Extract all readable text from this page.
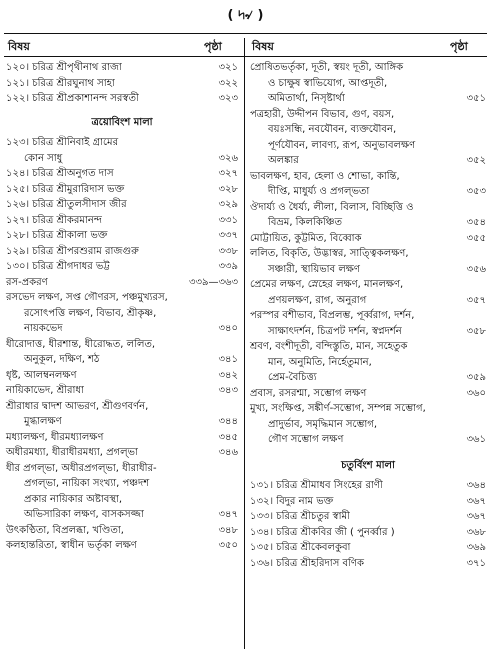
( ৸৵ )
বিষয়	পৃষ্ঠা	বিষয়	পৃষ্ঠা
১২০। চরিত্র শ্রীপৃথীনাথ রাজা	৩২১
১২১। চরিত্র শ্রীরঘুনাথ সাহা	৩২২
১২২। চরিত্র শ্রীপ্রকাশানন্দ সরস্বতী	৩২৩
ত্রয়োবিংশ মালা
১২৩। চরিত্র শ্রীনিবাই গ্রামের
কোন সাধু	৩২৬
১২৪। চরিত্র শ্রীঅনুগত দাস	৩২৭
১২৫। চরিত্র শ্রীমুরারিদাস ভক্ত	৩২৮
১২৬। চরিত্র শ্রীতুলসীদাস জীর	৩২৯
১২৭। চরিত্র শ্রীকরমানন্দ	৩৩১
১২৮। চরিত্র শ্রীকালা ভক্ত	৩৩৭
১২৯। চরিত্র শ্রীপরশুরাম রাজগুরু	৩৩৮
১৩০। চরিত্র শ্রীগদাধর ভট্ট	৩৩৯
রস-প্রকরণ	৩৩৯—৩৬৩
রসভেদ লক্ষণ, সপ্ত গৌণরস, পঞ্চমুখ্যরস,
রসোৎপত্তি লক্ষণ, বিভাব, শ্রীকৃষ্ণ,
নায়কভেদ	৩৪০
ধীরোদাত্ত, ধীরশান্ত, ধীরোদ্ধত, ললিত,
অনুকূল, দক্ষিণ, শঠ	৩৪১
ধৃষ্ট, আলম্বনলক্ষণ	৩৪২
নায়িকাভেদ, শ্রীরাধা	৩৪৩
শ্রীরাধার দ্বাদশ আভরণ, শ্রীগুণবর্ণন,
মুগ্ধালক্ষণ	৩৪৪
মধ্যালক্ষণ, ধীরমধ্যালক্ষণ	৩৪৫
অধীরমধ্যা, ধীরাধীরমধ্যা, প্রগল্‌ভা	৩৪৬
ধীর প্রগল্‌ভা, অধীরপ্রগল্‌ভা, ধীরাধীর-
প্রগল্‌ভা, নায়িকা সংখ্যা, পঞ্চদশ
প্রকার নায়িকার অষ্টাবস্থা,
অভিসারিকা লক্ষণ, বাসকসজ্জা	৩৪৭
উৎকণ্ঠিতা, বিপ্রলব্ধা, খণ্ডিতা,	৩৪৮
কলহান্তরিতা, স্বাধীন ভর্তৃকা লক্ষণ	৩৫০
প্রোষিতভর্তৃকা, দূতী, স্বয়ং দূতী, আঙ্গিক
ও চাক্ষুষ স্বাভিযোগ, আপ্তদূতী,
অমিতার্থা, নিসৃষ্টার্থা	৩৫১
পত্রহারী, উদ্দীপন বিভাব, গুণ, বয়স,
বয়ঃসন্ধি, নবযৌবন, ব্যক্তযৌবন,
পূর্ণযৌবন, লাবণ্য, রূপ, অনুভাবলক্ষণ
অলঙ্কার	৩৫২
ভাবলক্ষণ, হাব, হেলা ও শোভা, কান্তি,
দীপ্তি, মাধুর্য্য ও প্রগল্‌ভতা	৩৫৩
ঔদার্য্য ও ধৈর্য্য, লীলা, বিলাস, বিচ্ছিত্তি ও
বিভ্রম, কিলকিঞ্চিত	৩৫৪
মোট্টায়িত, কুট্টমিত, বিব্বোক	৩৫৫
ললিত, বিকৃতি, উদ্ভাস্বর, সাত্ত্বিকলক্ষণ,
সঞ্চারী, স্থায়িভাব লক্ষণ	৩৫৬
প্রেমের লক্ষণ, স্নেহের লক্ষণ, মানলক্ষণ,
প্রণয়লক্ষণ, রাগ, অনুরাগ	৩৫৭
পরস্পর বশীভাব, বিপ্রলম্ভ, পূর্ব্বরাগ, দর্শন,
সাক্ষাৎদর্শন, চিত্রপট দর্শন, স্বপ্নদর্শন	৩৫৮
শ্রবণ, বংশীদূতী, বন্দিস্তুতি, মান, সহেতুক
মান, অনুমিতি, নির্হেতুমান,
প্রেম-বৈচিত্ত্য	৩৫৯
প্রবাস, রসরশ্মা, সম্ভোগ লক্ষণ	৩৬০
মুখ্য, সংক্ষিপ্ত, সঙ্কীর্ণ-সম্ভোগ, সম্পন্ন সম্ভোগ,
প্রাদুর্ভাব, সমৃদ্ধিমান সম্ভোগ,
গৌণ সম্ভোগ লক্ষণ	৩৬১
চতুর্বিংশ মালা
১৩১। চরিত্র শ্রীমাধব সিংহের রাণী	৩৬৪
১৩২। বিদুর নাম ভক্ত	৩৬৭
১৩৩। চরিত্র শ্রীচতুর স্বামী	৩৬৭
১৩৪। চরিত্র শ্রীকবির জী ( পুনর্ব্বার )	৩৬৮
১৩৫। চরিত্র শ্রীকেবলকুবা	৩৬৯
১৩৬। চরিত্র শ্রীহরিদাস বণিক	৩৭১
